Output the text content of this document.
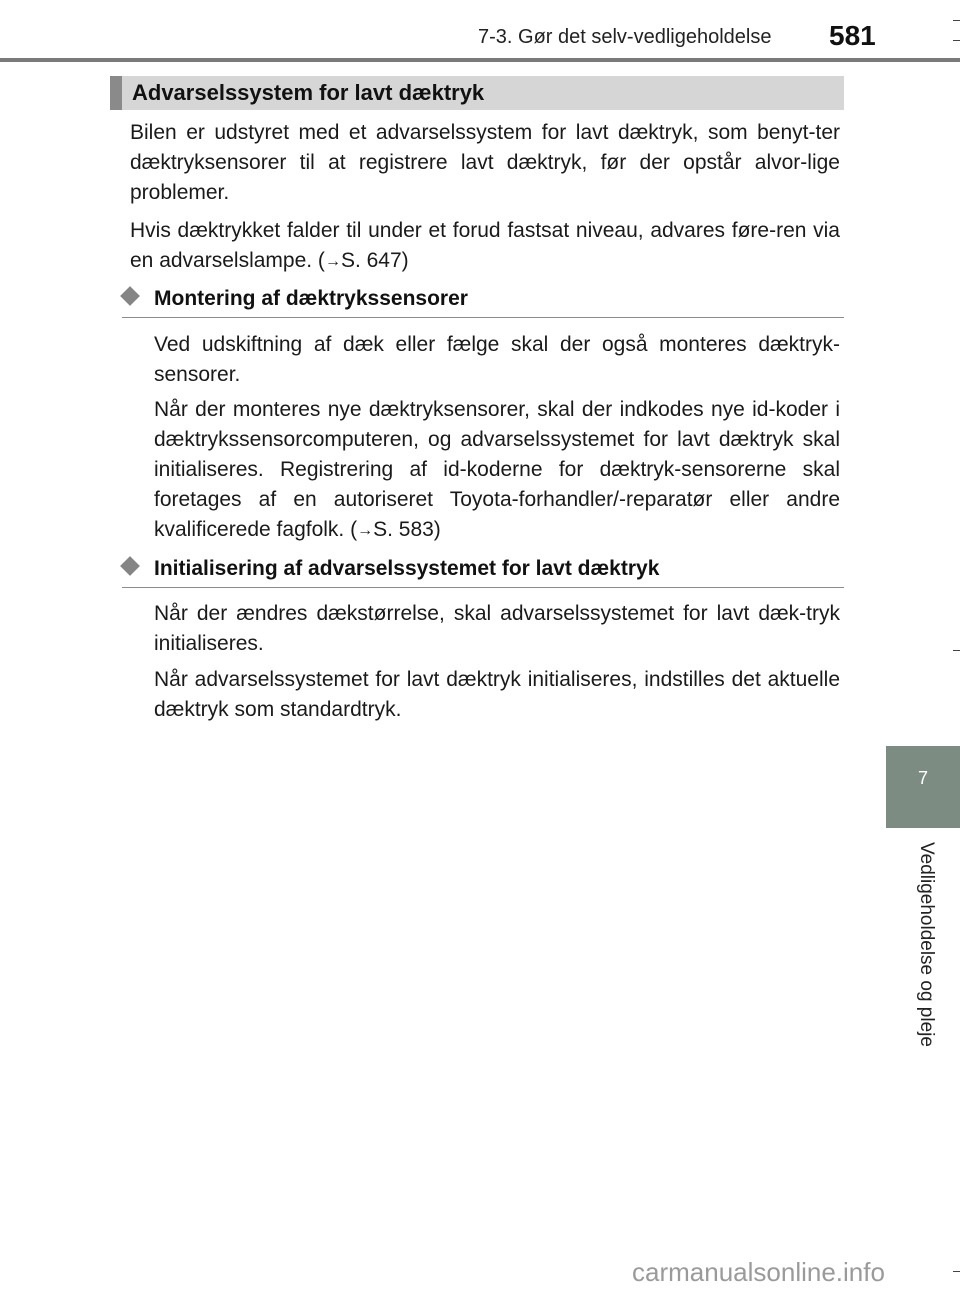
7-3. Gør det selv-vedligeholdelse 581
Advarselssystem for lavt dæktryk

Bilen er udstyret med et advarselssystem for lavt dæktryk, som benyt-ter dæktryksensorer til at registrere lavt dæktryk, før der opstår alvor-lige problemer.

Hvis dæktrykket falder til under et forud fastsat niveau, advares føre-ren via en advarselslampe. (→S. 647)

Montering af dæktrykssensorer

Ved udskiftning af dæk eller fælge skal der også monteres dæktryk-sensorer.

Når der monteres nye dæktryksensorer, skal der indkodes nye id-koder i dæktrykssensorcomputeren, og advarselssystemet for lavt dæktryk skal initialiseres. Registrering af id-koderne for dæktryk-sensorerne skal foretages af en autoriseret Toyota-forhandler/-reparatør eller andre kvalificerede fagfolk. (→S. 583)

Initialisering af advarselssystemet for lavt dæktryk

Når der ændres dækstørrelse, skal advarselssystemet for lavt dæk-tryk initialiseres.

Når advarselssystemet for lavt dæktryk initialiseres, indstilles det aktuelle dæktryk som standardtryk.

7
Vedligeholdelse og pleje
carmanualsonline.info
